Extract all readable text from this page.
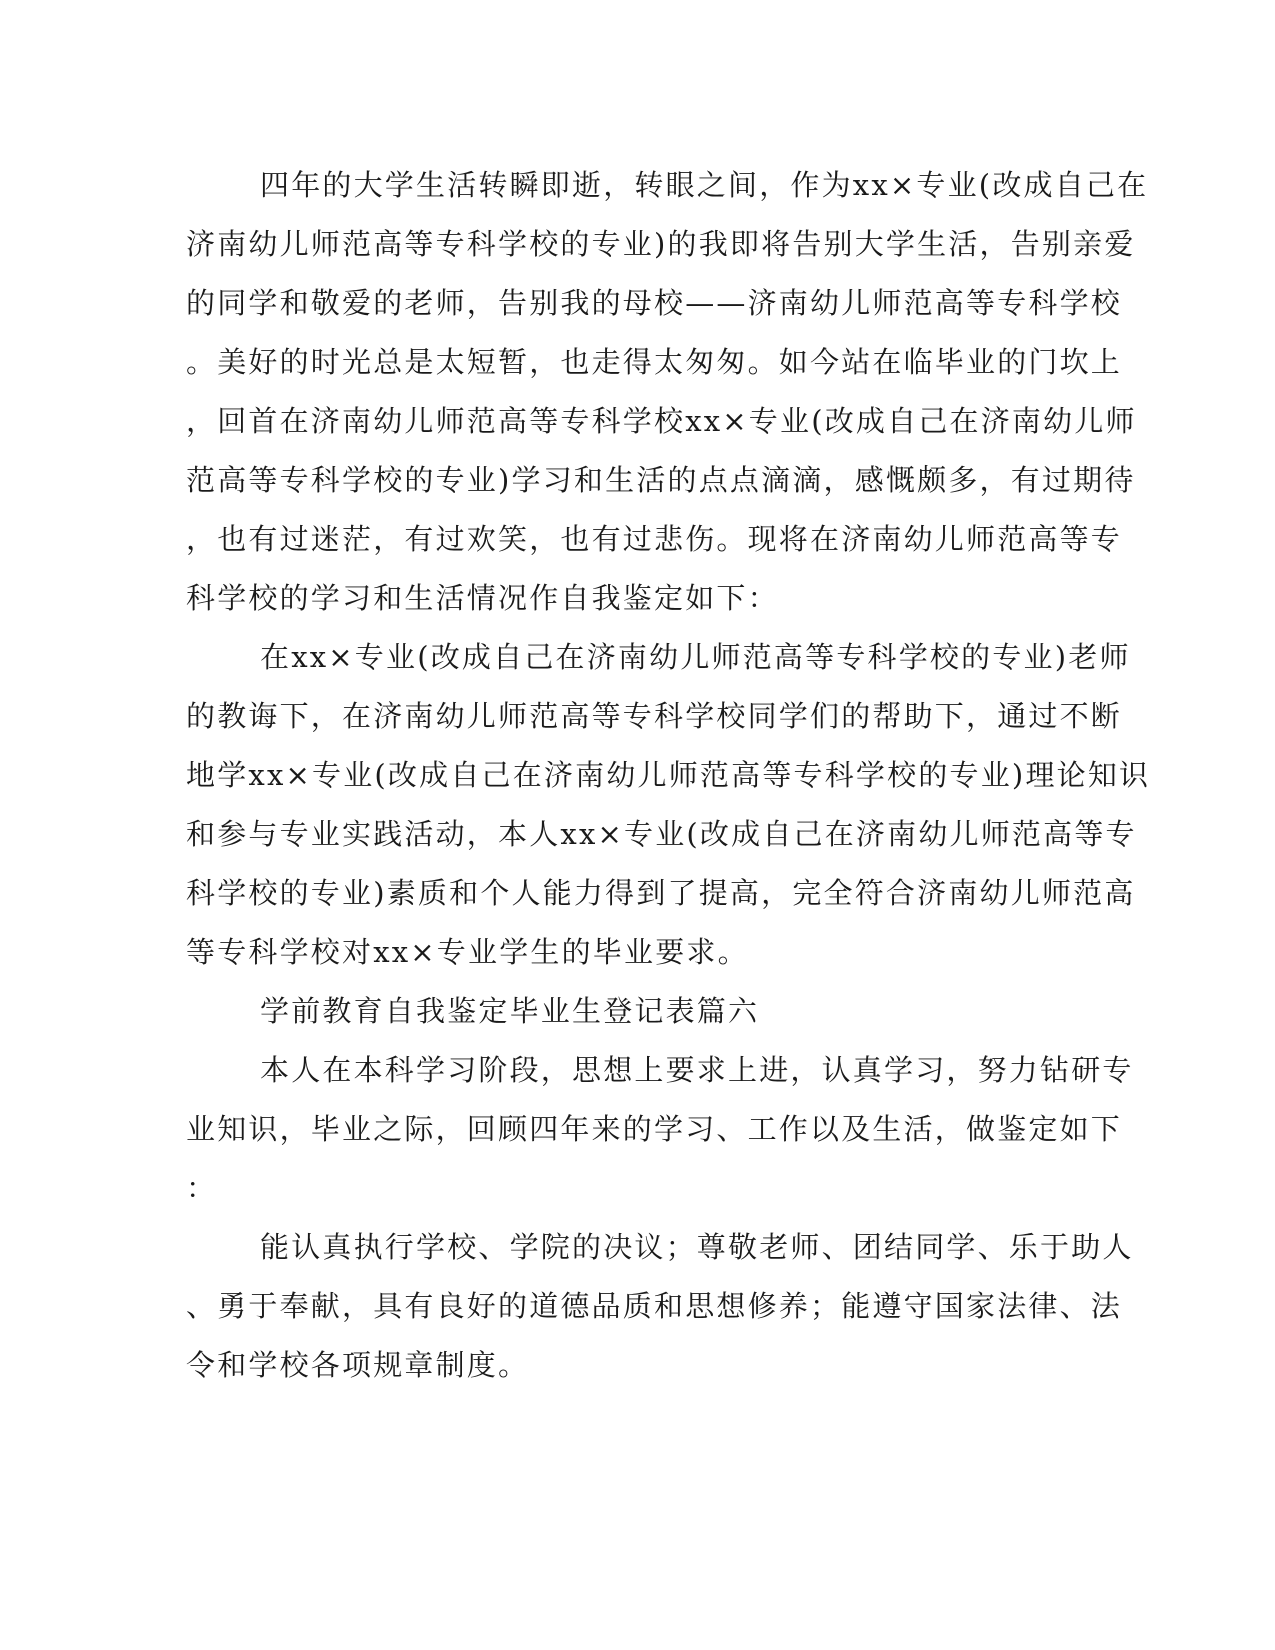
四年的大学生活转瞬即逝，转眼之间，作为xx×专业(改成自己在
济南幼儿师范高等专科学校的专业)的我即将告别大学生活，告别亲爱
的同学和敬爱的老师，告别我的母校——济南幼儿师范高等专科学校
。美好的时光总是太短暂，也走得太匆匆。如今站在临毕业的门坎上
，回首在济南幼儿师范高等专科学校xx×专业(改成自己在济南幼儿师
范高等专科学校的专业)学习和生活的点点滴滴，感慨颇多，有过期待
，也有过迷茫，有过欢笑，也有过悲伤。现将在济南幼儿师范高等专
科学校的学习和生活情况作自我鉴定如下：
在xx×专业(改成自己在济南幼儿师范高等专科学校的专业)老师
的教诲下，在济南幼儿师范高等专科学校同学们的帮助下，通过不断
地学xx×专业(改成自己在济南幼儿师范高等专科学校的专业)理论知识
和参与专业实践活动，本人xx×专业(改成自己在济南幼儿师范高等专
科学校的专业)素质和个人能力得到了提高，完全符合济南幼儿师范高
等专科学校对xx×专业学生的毕业要求。
学前教育自我鉴定毕业生登记表篇六
本人在本科学习阶段，思想上要求上进，认真学习，努力钻研专
业知识，毕业之际，回顾四年来的学习、工作以及生活，做鉴定如下
：
能认真执行学校、学院的决议；尊敬老师、团结同学、乐于助人
、勇于奉献，具有良好的道德品质和思想修养；能遵守国家法律、法
令和学校各项规章制度。
